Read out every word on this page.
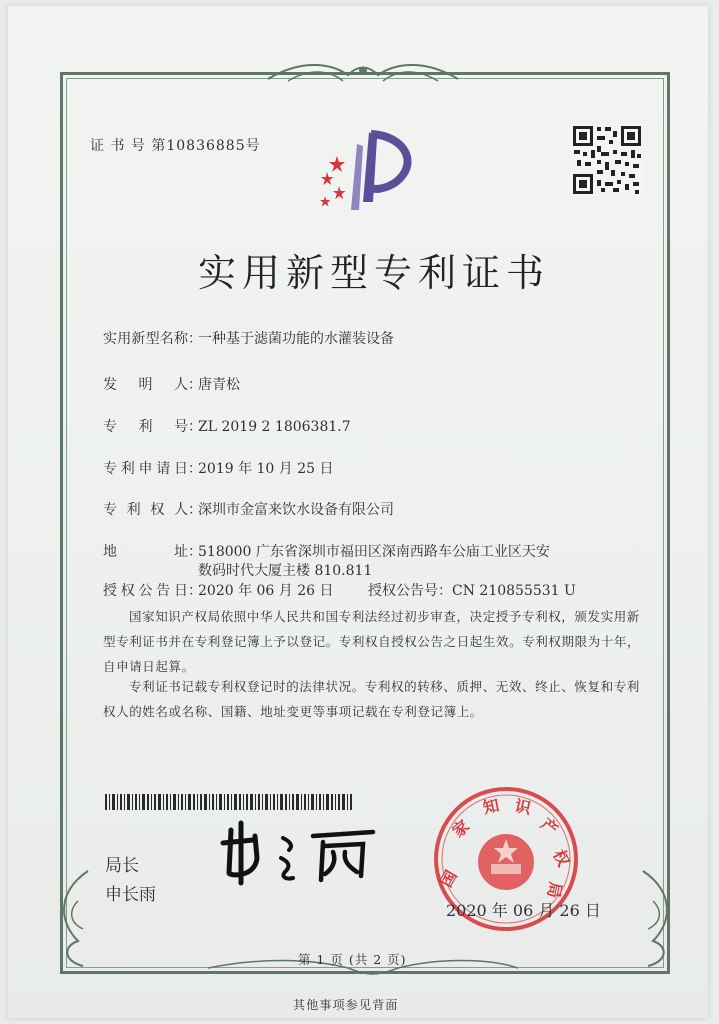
证 书 号 第10836885号
实用新型专利证书
实用新型名称：一种基于滤菌功能的水灌装设备
发明人：唐青松
专利号：ZL 2019 2 1806381.7
专利申请日：2019 年 10 月 25 日
专利权人：深圳市金富来饮水设备有限公司
地址：518000 广东省深圳市福田区深南西路车公庙工业区天安
数码时代大厦主楼 810.811
授权公告日：2020 年 06 月 26 日 授权公告号：CN 210855531 U
国家知识产权局依照中华人民共和国专利法经过初步审查，决定授予专利权，颁发实用新型专利证书并在专利登记簿上予以登记。专利权自授权公告之日起生效。专利权期限为十年，自申请日起算。
专利证书记载专利权登记时的法律状况。专利权的转移、质押、无效、终止、恢复和专利权人的姓名或名称、国籍、地址变更等事项记载在专利登记簿上。
局长
申长雨
国
家
知 识
产
权
局
2020 年 06 月 26 日
第 1 页 (共 2 页)
其他事项参见背面
